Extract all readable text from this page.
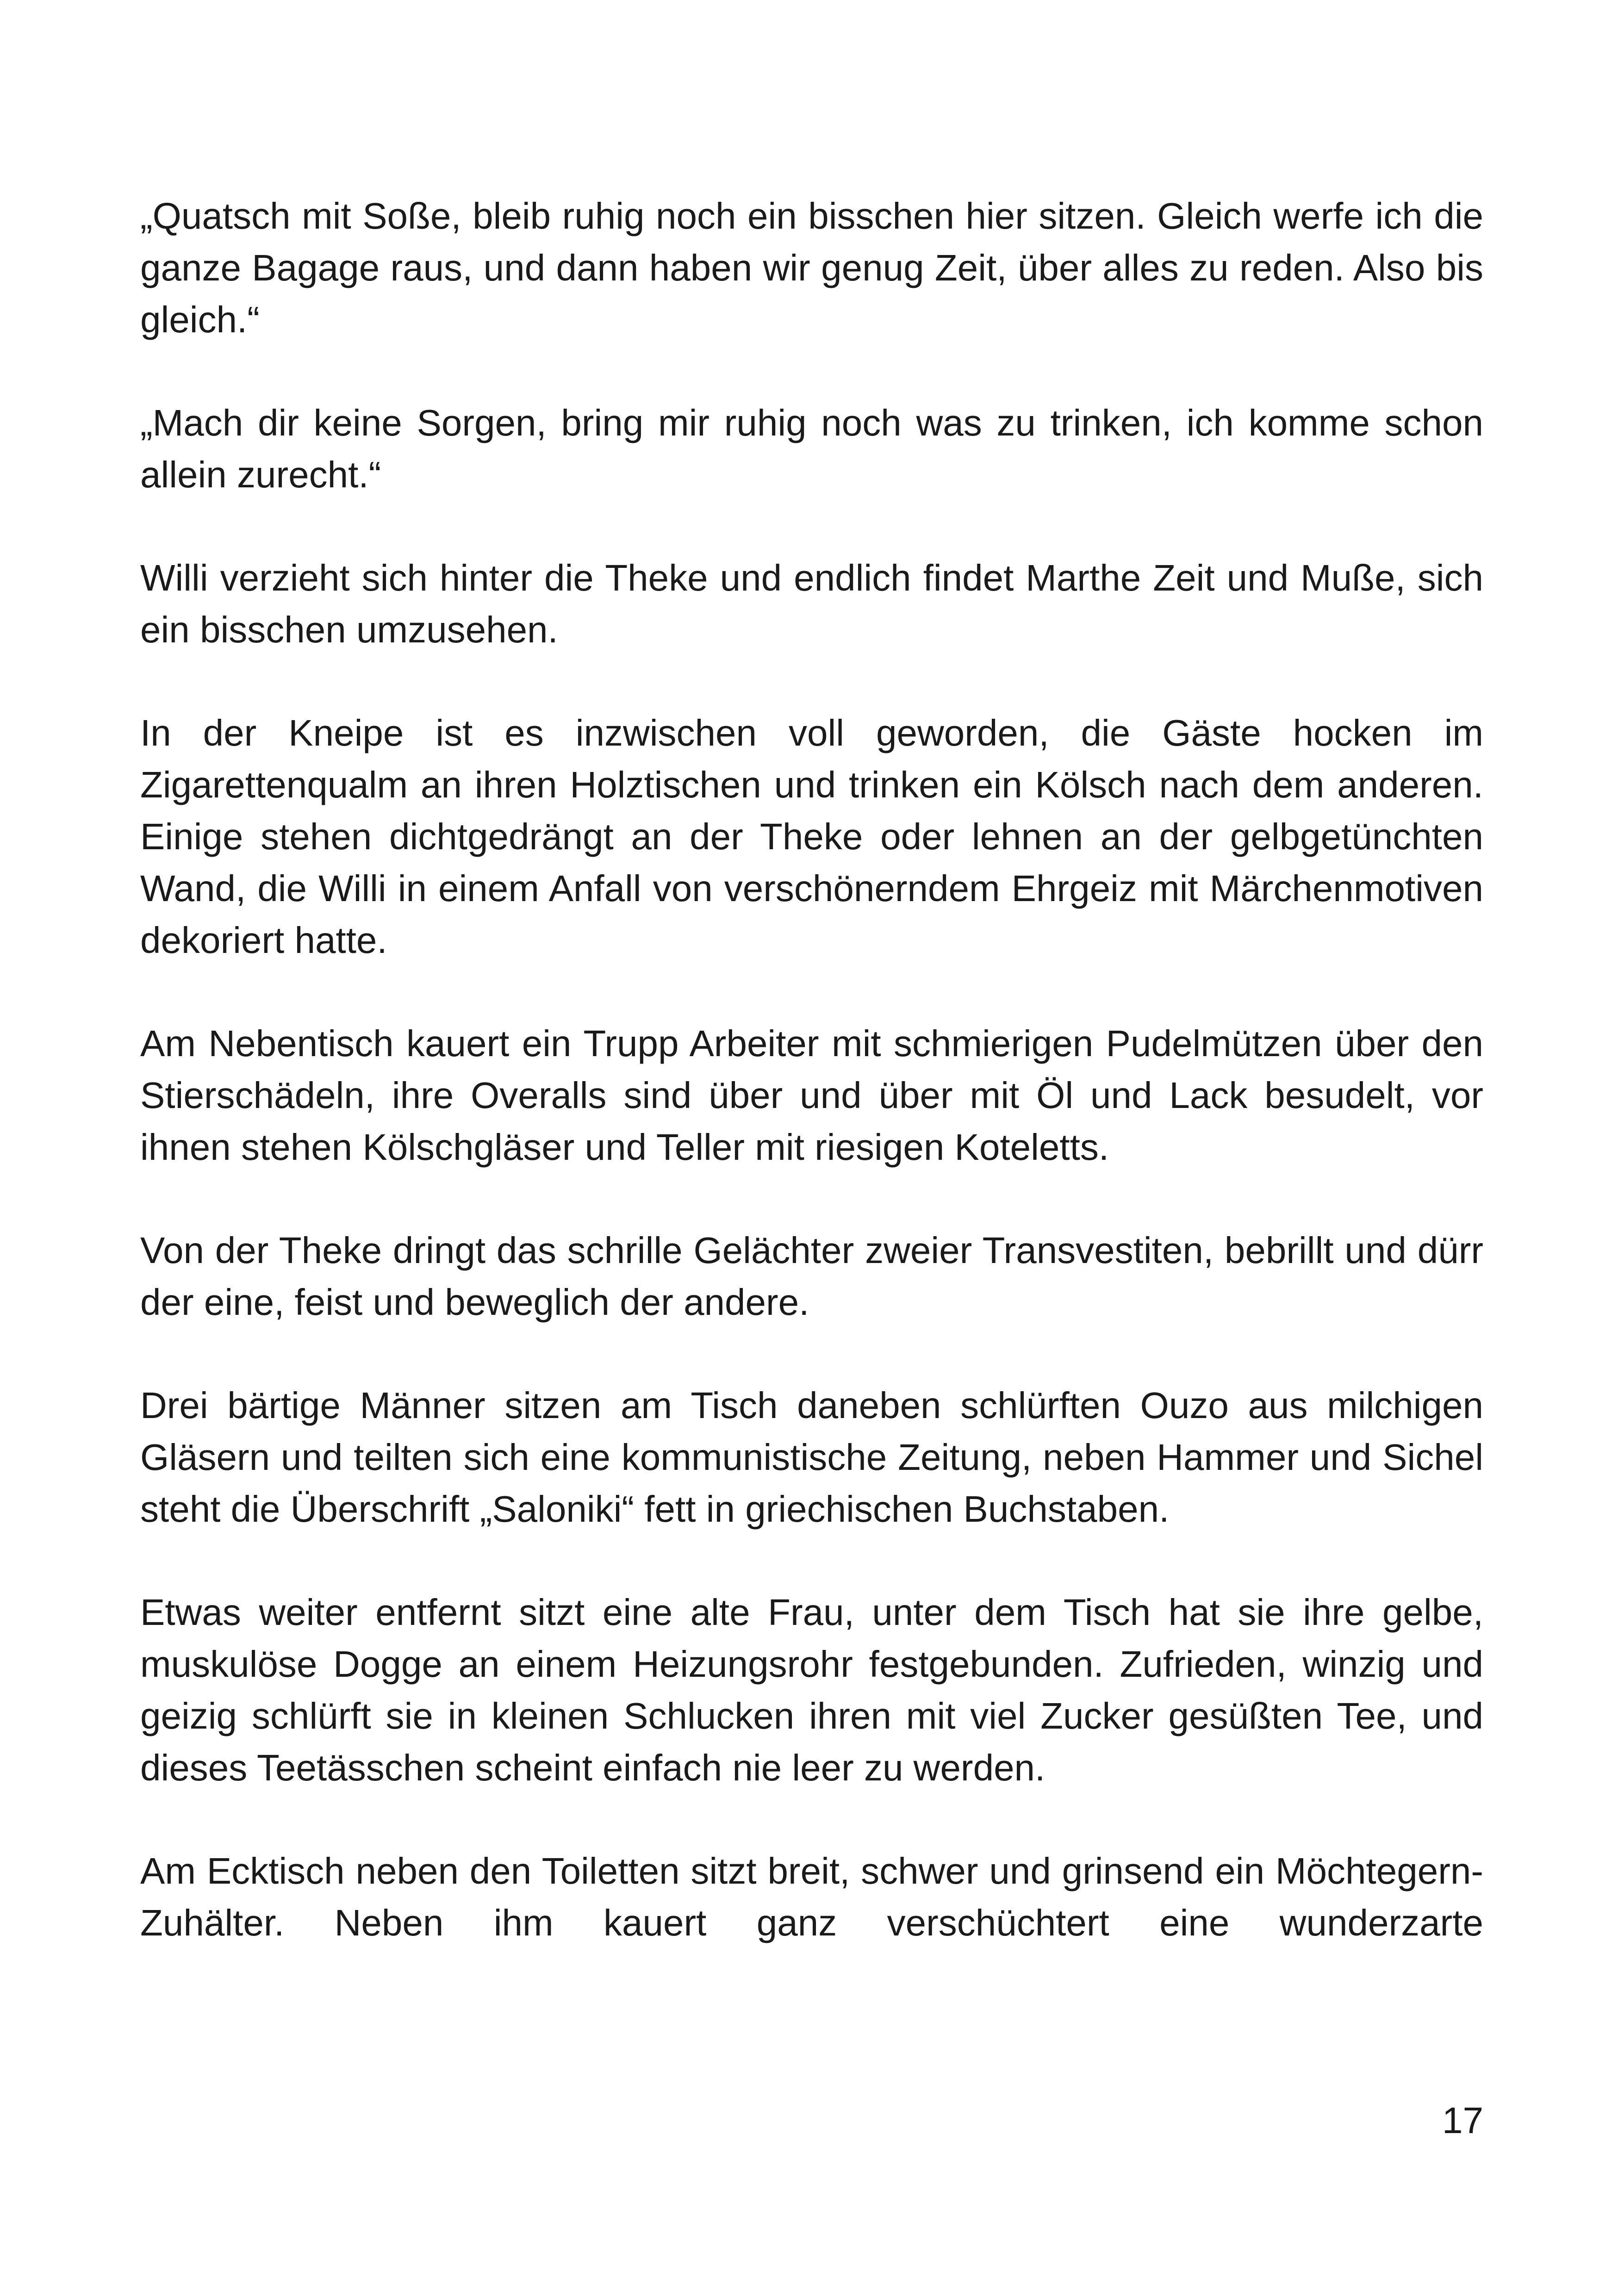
„Quatsch mit Soße, bleib ruhig noch ein bisschen hier sitzen. Gleich werfe ich die ganze Bagage raus, und dann haben wir genug Zeit, über alles zu reden. Also bis gleich.“

„Mach dir keine Sorgen, bring mir ruhig noch was zu trinken, ich komme schon allein zurecht.“

Willi verzieht sich hinter die Theke und endlich findet Marthe Zeit und Muße, sich ein bisschen umzusehen.

In der Kneipe ist es inzwischen voll geworden, die Gäste hocken im Zigarettenqualm an ihren Holztischen und trinken ein Kölsch nach dem anderen. Einige stehen dichtgedrängt an der Theke oder lehnen an der gelbgetünchten Wand, die Willi in einem Anfall von verschönerndem Ehrgeiz mit Märchenmotiven dekoriert hatte.

Am Nebentisch kauert ein Trupp Arbeiter mit schmierigen Pudelmützen über den Stierschädeln, ihre Overalls sind über und über mit Öl und Lack besudelt, vor ihnen stehen Kölschgläser und Teller mit riesigen Koteletts.

Von der Theke dringt das schrille Gelächter zweier Transvestiten, bebrillt und dürr der eine, feist und beweglich der andere.

Drei bärtige Männer sitzen am Tisch daneben schlürften Ouzo aus milchigen Gläsern und teilten sich eine kommunistische Zeitung, neben Hammer und Sichel steht die Überschrift „Saloniki“ fett in griechischen Buchstaben.

Etwas weiter entfernt sitzt eine alte Frau, unter dem Tisch hat sie ihre gelbe, muskulöse Dogge an einem Heizungsrohr festgebunden. Zufrieden, winzig und geizig schlürft sie in kleinen Schlucken ihren mit viel Zucker gesüßten Tee, und dieses Teetässchen scheint einfach nie leer zu werden.

Am Ecktisch neben den Toiletten sitzt breit, schwer und grinsend ein Möchtegern-Zuhälter. Neben ihm kauert ganz verschüchtert eine wunderzarte

17
